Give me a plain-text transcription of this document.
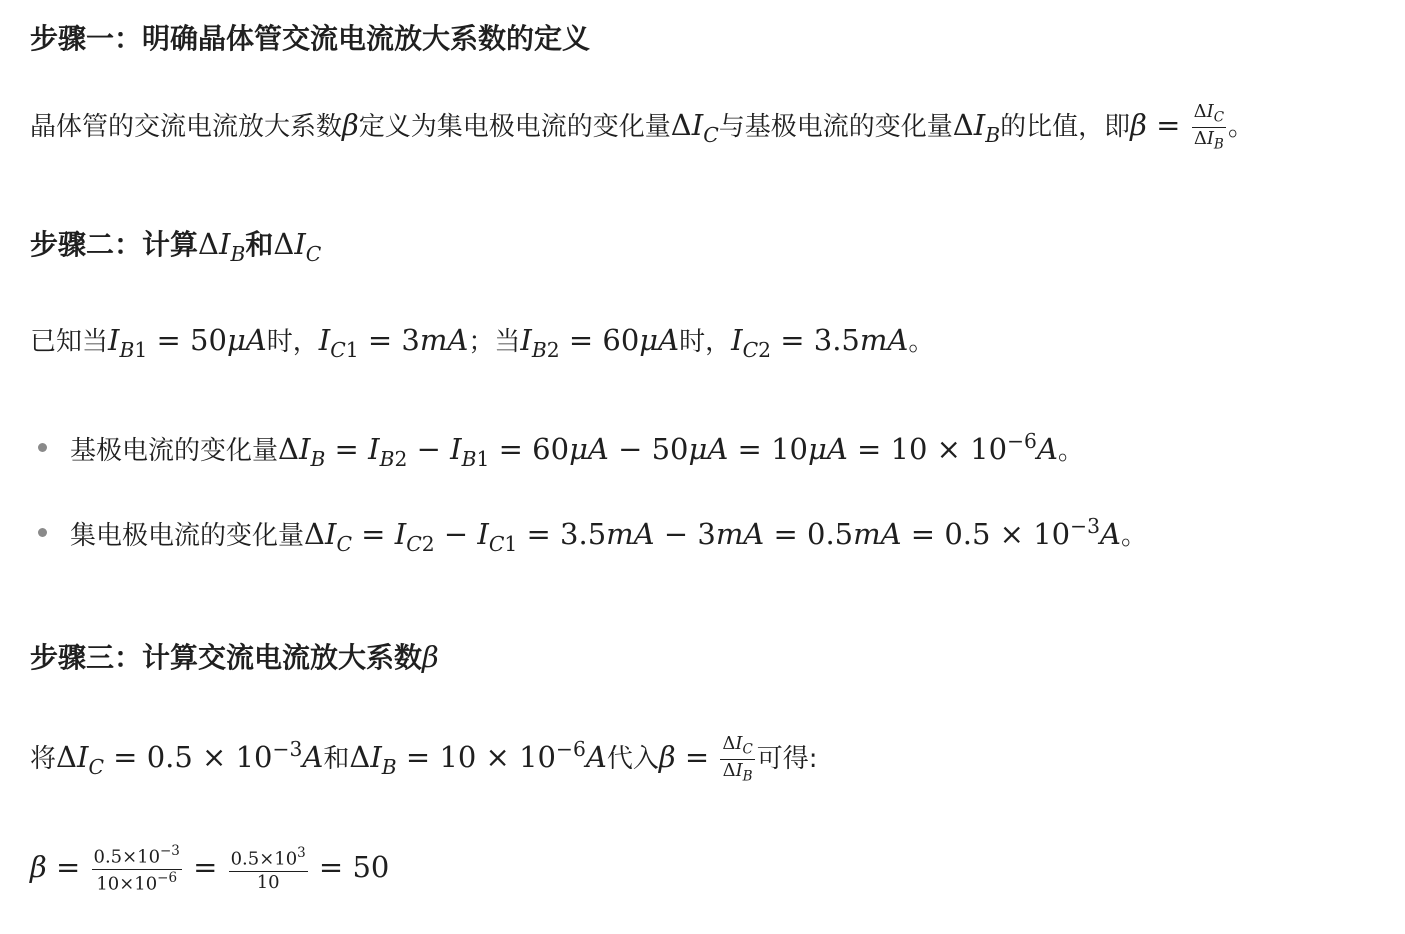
步骤一：明确晶体管交流电流放大系数的定义
晶体管的交流电流放大系数β定义为集电极电流的变化量$\Delta I_C$与基极电流的变化量$\Delta I_B$的比值，即$\beta = \frac{\Delta I_C}{\Delta I_B}$ 。
步骤二：计算$\Delta I_B$和$\Delta I_C$
已知当$I_{B1} = 50\mu A$时，$I_{C1} = 3mA$；当$I_{B2} = 60\mu A$时，$I_{C2} = 3.5mA$。
基极电流的变化量$\Delta I_B = I_{B2} - I_{B1} = 60\mu A - 50\mu A = 10\mu A = 10 \times 10^{-6}A$。
集电极电流的变化量$\Delta I_C = I_{C2} - I_{C1} = 3.5mA - 3mA = 0.5mA = 0.5 \times 10^{-3}A$。
步骤三：计算交流电流放大系数β
将$\Delta I_C = 0.5 \times 10^{-3}A$和$\Delta I_B = 10 \times 10^{-6}A$代入$\beta = \frac{\Delta I_C}{\Delta I_B}$ 可得:
$\beta = \frac{0.5\times 10^{-3}}{10\times 10^{-6}} = \frac{0.5\times 10^3}{10} = 50$
